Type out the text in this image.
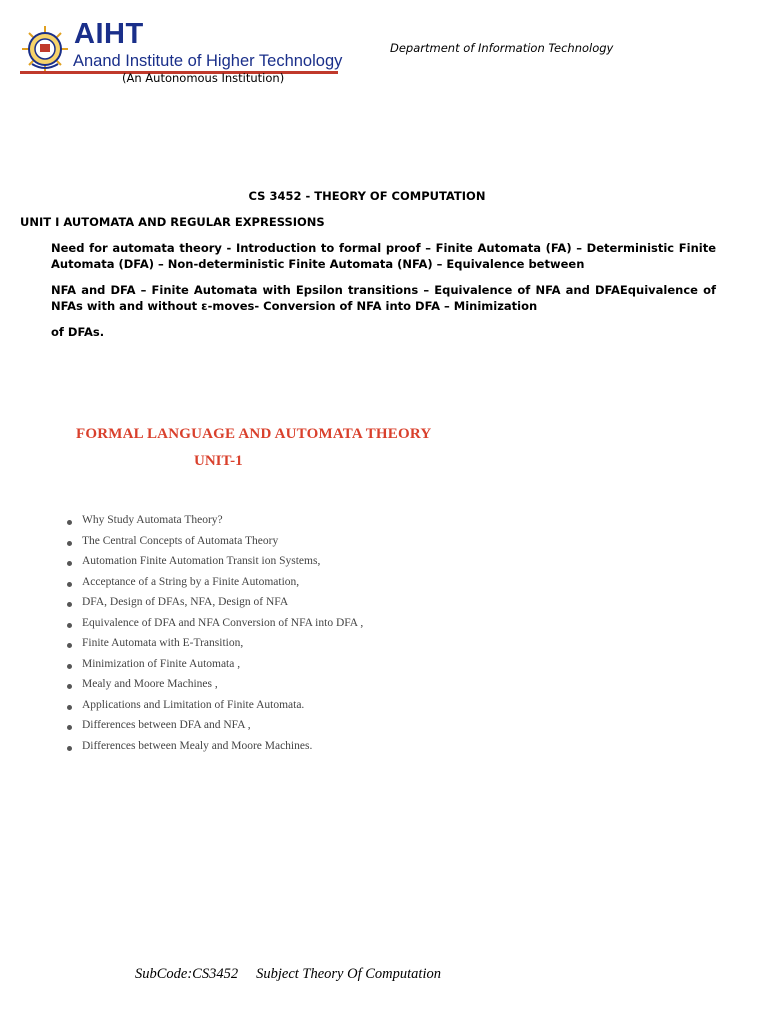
AIHT
Anand Institute of Higher Technology
(An Autonomous Institution)
Department of Information Technology
CS 3452 - THEORY OF COMPUTATION
UNIT I AUTOMATA AND REGULAR EXPRESSIONS
Need for automata theory - Introduction to formal proof – Finite Automata (FA) – Deterministic Finite Automata (DFA) – Non-deterministic Finite Automata (NFA) – Equivalence between
NFA and DFA – Finite Automata with Epsilon transitions – Equivalence of NFA and DFAEquivalence of NFAs with and without ε-moves- Conversion of NFA into DFA – Minimization
of DFAs.
FORMAL LANGUAGE AND AUTOMATA THEORY
UNIT-1
Why Study Automata Theory?
The Central Concepts of Automata Theory
Automation Finite Automation Transit ion Systems,
Acceptance of a String by a Finite Automation,
DFA, Design of DFAs, NFA, Design of NFA
Equivalence of DFA and NFA Conversion of NFA into DFA ,
Finite Automata with E-Transition,
Minimization of Finite Automata ,
Mealy and Moore Machines ,
Applications and Limitation of Finite Automata.
Differences between DFA and NFA ,
Differences between Mealy and Moore Machines.
SubCode:CS3452 Subject Theory Of Computation
